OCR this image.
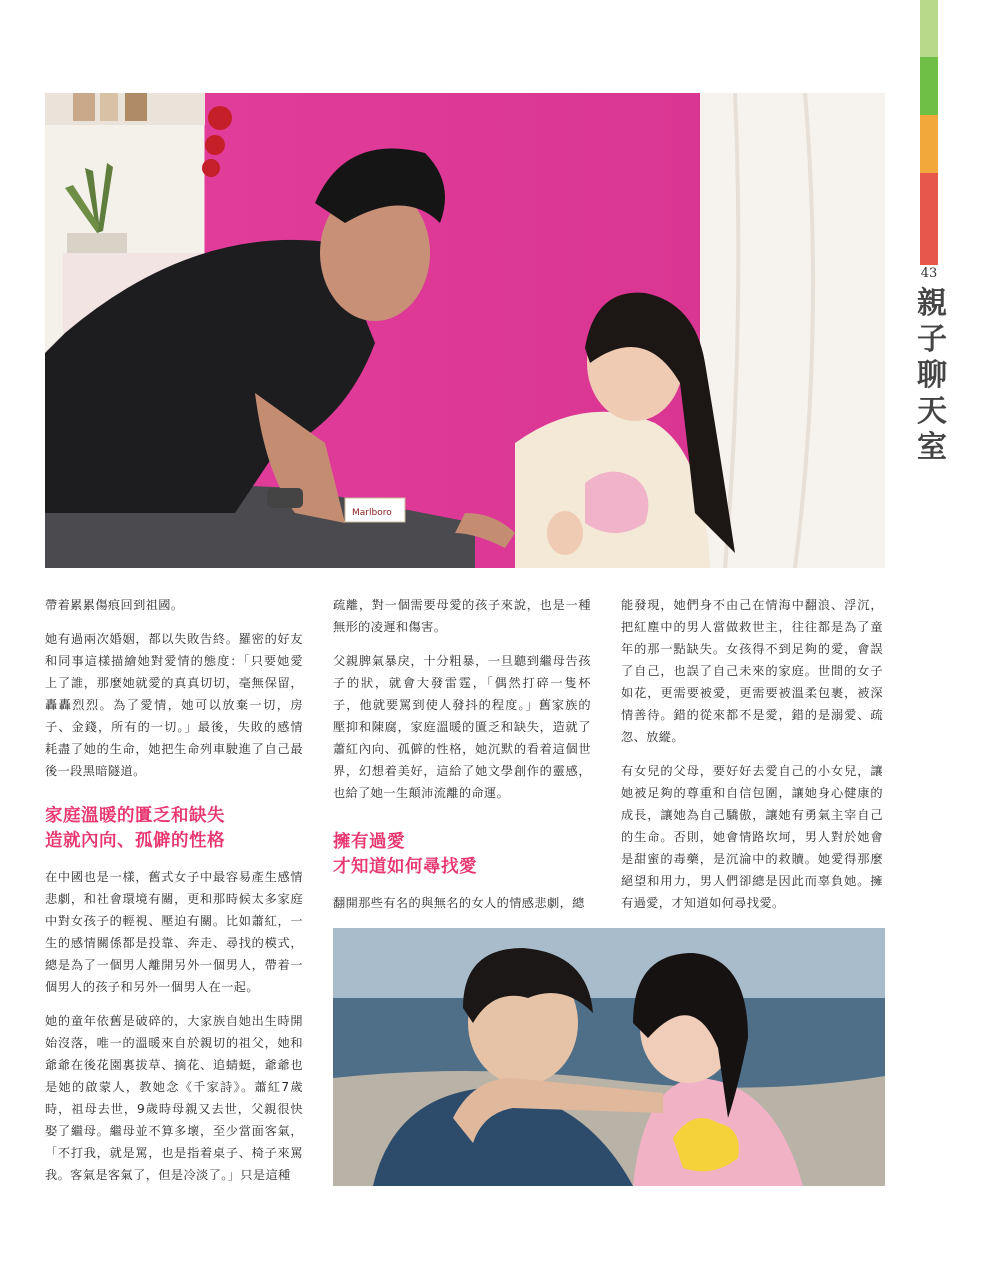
43
親
子
聊
天
室
Marlboro

帶着累累傷痕回到祖國。

她有過兩次婚姻，都以失敗告終。羅密的好友和同事這樣描繪她對愛情的態度：「只要她愛上了誰，那麼她就愛的真真切切，毫無保留，轟轟烈烈。為了愛情，她可以放棄一切，房子、金錢，所有的一切。」最後，失敗的感情耗盡了她的生命，她把生命列車駛進了自己最後一段黑暗隧道。

家庭溫暖的匱乏和缺失
造就內向、孤僻的性格

在中國也是一樣，舊式女子中最容易產生感情悲劇，和社會環境有關，更和那時候太多家庭中對女孩子的輕視、壓迫有關。比如蕭紅，一生的感情關係都是投靠、奔走、尋找的模式，總是為了一個男人離開另外一個男人，帶着一個男人的孩子和另外一個男人在一起。

她的童年依舊是破碎的，大家族自她出生時開始沒落，唯一的溫暖來自於親切的祖父，她和爺爺在後花園裏拔草、摘花、追蜻蜓，爺爺也是她的啟蒙人，教她念《千家詩》。蕭紅7歲時，祖母去世，9歲時母親又去世，父親很快娶了繼母。繼母並不算多壞，至少當面客氣，「不打我，就是罵，也是指着桌子、椅子來罵我。客氣是客氣了，但是冷淡了。」只是這種

疏離，對一個需要母愛的孩子來說，也是一種無形的凌遲和傷害。

父親脾氣暴戾，十分粗暴，一旦聽到繼母告孩子的狀，就會大發雷霆，「偶然打碎一隻杯子，他就要罵到使人發抖的程度。」舊家族的壓抑和陳腐，家庭溫暖的匱乏和缺失，造就了蕭紅內向、孤僻的性格，她沉默的看着這個世界，幻想着美好，這給了她文學創作的靈感，也給了她一生顛沛流離的命運。

擁有過愛
才知道如何尋找愛

翻開那些有名的與無名的女人的情感悲劇，總

能發現，她們身不由己在情海中翻浪、浮沉，把紅塵中的男人當做救世主，往往都是為了童年的那一點缺失。女孩得不到足夠的愛，會誤了自己，也誤了自己未來的家庭。世間的女子如花，更需要被愛，更需要被溫柔包裹，被深情善待。錯的從來都不是愛，錯的是溺愛、疏忽、放縱。

有女兒的父母，要好好去愛自己的小女兒，讓她被足夠的尊重和自信包圍，讓她身心健康的成長，讓她為自己驕傲，讓她有勇氣主宰自己的生命。否則，她會情路坎坷，男人對於她會是甜蜜的毒藥，是沉淪中的救贖。她愛得那麼絕望和用力，男人們卻總是因此而辜負她。擁有過愛，才知道如何尋找愛。
